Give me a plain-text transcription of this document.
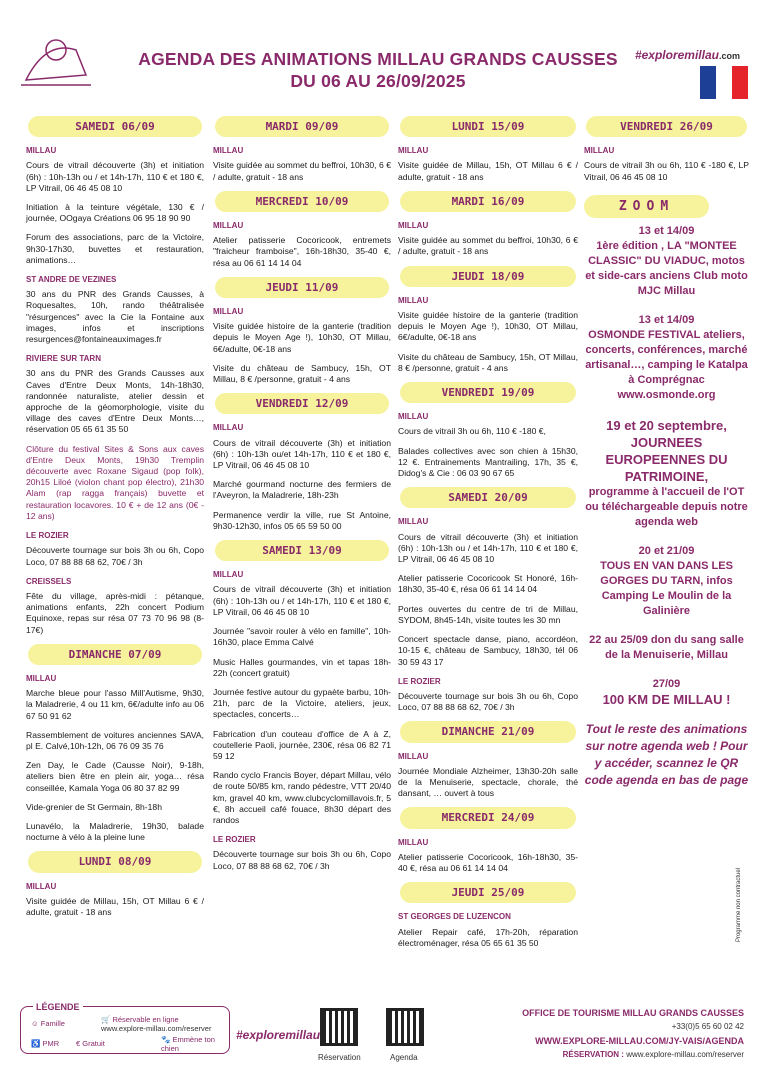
AGENDA DES ANIMATIONS MILLAU GRANDS CAUSSES
DU 06 AU 26/09/2025
#exploremillau.com
SAMEDI 06/09
MILLAU
Cours de vitrail découverte (3h) et initiation (6h) : 10h-13h ou / et 14h-17h, 110 € et 180 €, LP Vitrail, 06 46 45 08 10
Initiation à la teinture végétale, 130 € / journée, OOgaya Créations 06 95 18 90 90
Forum des associations, parc de la Victoire, 9h30-17h30, buvettes et restauration, animations…
ST ANDRE DE VEZINES
30 ans du PNR des Grands Causses, à Roquesaltes, 10h, rando théâtralisée "résurgences" avec la Cie la Fontaine aux images, infos et inscriptions resurgences@fontaineauximages.fr
RIVIERE SUR TARN
30 ans du PNR des Grands Causses aux Caves d'Entre Deux Monts, 14h-18h30, randonnée naturaliste, atelier dessin et approche de la géomorphologie, visite du village des caves d'Entre Deux Monts…, réservation 05 65 61 35 50
Clôture du festival Sites & Sons aux caves d'Entre Deux Monts, 19h30 Tremplin découverte avec Roxane Sigaud (pop folk), 20h15 Liloé (violon chant pop électro), 21h30 Alam (rap ragga français) buvette et restauration locavores. 10 € + de 12 ans (0€ - 12 ans)
LE ROZIER
Découverte tournage sur bois 3h ou 6h, Copo Loco, 07 88 88 68 62, 70€ / 3h
CREISSELS
Fête du village, après-midi : pétanque, animations enfants, 22h concert Podium Equinoxe, repas sur résa 07 73 70 96 98 (8-17€)
DIMANCHE 07/09
MILLAU
Marche bleue pour l'asso Mill'Autisme, 9h30, la Maladrerie, 4 ou 11 km, 6€/adulte info au 06 67 50 91 62
Rassemblement de voitures anciennes SAVA, pl E. Calvé,10h-12h, 06 76 09 35 76
Zen Day, le Cade (Causse Noir), 9-18h, ateliers bien être en plein air, yoga… résa conseillée, Kamala Yoga 06 80 37 82 99
Vide-grenier de St Germain, 8h-18h
Lunavélo, la Maladrerie, 19h30, balade nocturne à vélo à la pleine lune
LUNDI 08/09
MILLAU
Visite guidée de Millau, 15h, OT Millau 6 € / adulte, gratuit - 18 ans
MARDI 09/09
MILLAU
Visite guidée au sommet du beffroi, 10h30, 6 € / adulte, gratuit - 18 ans
MERCREDI 10/09
MILLAU
Atelier patisserie Cocoricook, entremets "fraicheur framboise", 16h-18h30, 35-40 €, résa au 06 61 14 14 04
JEUDI 11/09
MILLAU
Visite guidée histoire de la ganterie (tradition depuis le Moyen Age !), 10h30, OT Millau, 6€/adulte, 0€-18 ans
Visite du château de Sambucy, 15h, OT Millau, 8 € /personne, gratuit - 4 ans
VENDREDI 12/09
MILLAU
Cours de vitrail découverte (3h) et initiation (6h) : 10h-13h ou/et 14h-17h, 110 € et 180 €, LP Vitrail, 06 46 45 08 10
Marché gourmand nocturne des fermiers de l'Aveyron, la Maladrerie, 18h-23h
Permanence verdir la ville, rue St Antoine, 9h30-12h30, infos 05 65 59 50 00
SAMEDI 13/09
MILLAU
Cours de vitrail découverte (3h) et initiation (6h) : 10h-13h ou / et 14h-17h, 110 € et 180 €, LP Vitrail, 06 46 45 08 10
Journée "savoir rouler à vélo en famille", 10h-16h30, place Emma Calvé
Music Halles gourmandes, vin et tapas 18h-22h (concert gratuit)
Journée festive autour du gypaète barbu, 10h-21h, parc de la Victoire, ateliers, jeux, spectacles, concerts…
Fabrication d'un couteau d'office de A à Z, coutellerie Paoli, journée, 230€, résa 06 82 71 59 12
Rando cyclo Francis Boyer, départ Millau, vélo de route 50/85 km, rando pédestre, VTT 20/40 km, gravel 40 km, www.clubcyclomillavois.fr, 5 €, 8h accueil café fouace, 8h30 départ des randos
LE ROZIER
Découverte tournage sur bois 3h ou 6h, Copo Loco, 07 88 88 68 62, 70€ / 3h
LUNDI 15/09
MILLAU
Visite guidée de Millau, 15h, OT Millau 6 € / adulte, gratuit - 18 ans
MARDI 16/09
MILLAU
Visite guidée au sommet du beffroi, 10h30, 6 € / adulte, gratuit - 18 ans
JEUDI 18/09
MILLAU
Visite guidée histoire de la ganterie (tradition depuis le Moyen Age !), 10h30, OT Millau, 6€/adulte, 0€-18 ans
Visite du château de Sambucy, 15h, OT Millau, 8 € /personne, gratuit - 4 ans
VENDREDI 19/09
MILLAU
Cours de vitrail 3h ou 6h, 110 € -180 €,
Balades collectives avec son chien à 15h30, 12 €. Entrainements Mantrailing, 17h, 35 €, Didog's & Cie : 06 03 90 67 65
SAMEDI 20/09
MILLAU
Cours de vitrail découverte (3h) et initiation (6h) : 10h-13h ou / et 14h-17h, 110 € et 180 €, LP Vitrail, 06 46 45 08 10
Atelier patisserie Cocoricook St Honoré, 16h-18h30, 35-40 €, résa 06 61 14 14 04
Portes ouvertes du centre de tri de Millau, SYDOM, 8h45-14h, visite toutes les 30 mn
Concert spectacle danse, piano, accordéon, 10-15 €, château de Sambucy, 18h30, tél 06 30 59 43 17
LE ROZIER
Découverte tournage sur bois 3h ou 6h, Copo Loco, 07 88 88 68 62, 70€ / 3h
DIMANCHE 21/09
MILLAU
Journée Mondiale Alzheimer, 13h30-20h salle de la Menuiserie, spectacle, chorale, thé dansant, … ouvert à tous
MERCREDI 24/09
MILLAU
Atelier patisserie Cocoricook, 16h-18h30, 35-40 €, résa au 06 61 14 14 04
JEUDI 25/09
ST GEORGES DE LUZENCON
Atelier Repair café, 17h-20h, réparation électroménager, résa 05 65 61 35 50
VENDREDI 26/09
MILLAU
Cours de vitrail 3h ou 6h, 110 € -180 €, LP Vitrail, 06 46 45 08 10
ZOOM
13 et 14/09
1ère édition , LA "MONTEE CLASSIC" DU VIADUC, motos et side-cars anciens Club moto MJC Millau
13 et 14/09
OSMONDE FESTIVAL ateliers, concerts, conférences, marché artisanal…, camping le Katalpa à Comprégnac www.osmonde.org
19 et 20 septembre, JOURNEES EUROPEENNES DU PATRIMOINE,
programme à l'accueil de l'OT ou téléchargeable depuis notre agenda web
20 et 21/09
TOUS EN VAN DANS LES GORGES DU TARN, infos Camping Le Moulin de la Galinière
22 au 25/09 don du sang salle de la Menuiserie, Millau
27/09
100 KM DE MILLAU !
Tout le reste des animations sur notre agenda web ! Pour y accéder, scannez le QR code agenda en bas de page
Programme non contractuel
LÉGENDE
☺ Famille	🛒 Réservable en ligne
www.explore-millau.com/reserver
♿ PMR € Gratuit	🐾 Emmène ton chien
#exploremillau
Réservation	Agenda
OFFICE DE TOURISME MILLAU GRANDS CAUSSES
+33(0)5 65 60 02 42
WWW.EXPLORE-MILLAU.COM/JY-VAIS/AGENDA
RÉSERVATION : www.explore-millau.com/reserver
